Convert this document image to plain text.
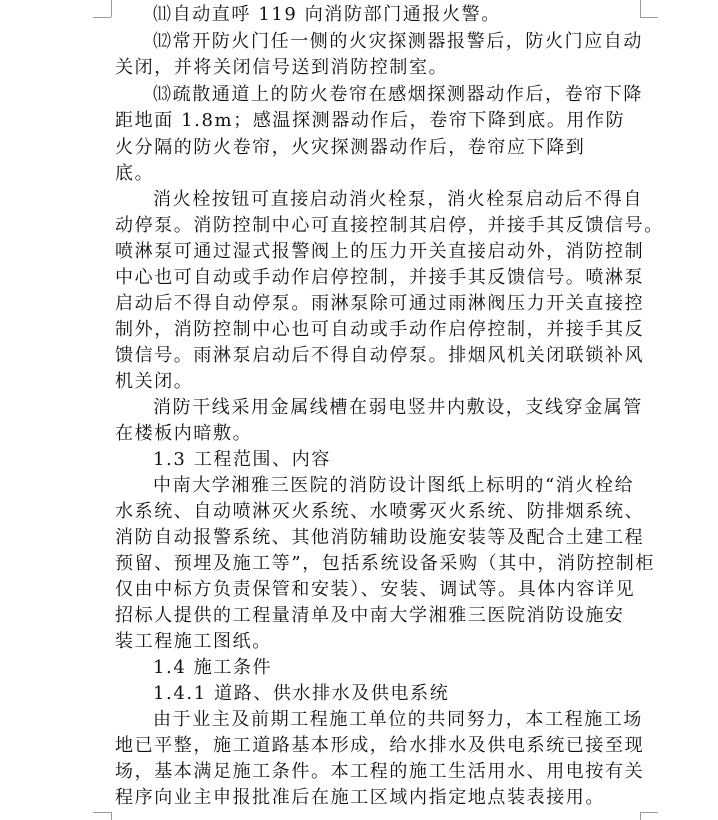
⑾自动直呼 119 向消防部门通报火警。
⑿常开防火门任一侧的火灾探测器报警后，防火门应自动
关闭，并将关闭信号送到消防控制室。
⒀疏散通道上的防火卷帘在感烟探测器动作后，卷帘下降
距地面 1.8m；感温探测器动作后，卷帘下降到底。用作防
火分隔的防火卷帘，火灾探测器动作后，卷帘应下降到
底。
消火栓按钮可直接启动消火栓泵，消火栓泵启动后不得自
动停泵。消防控制中心可直接控制其启停，并接手其反馈信号。
喷淋泵可通过湿式报警阀上的压力开关直接启动外，消防控制
中心也可自动或手动作启停控制，并接手其反馈信号。喷淋泵
启动后不得自动停泵。雨淋泵除可通过雨淋阀压力开关直接控
制外，消防控制中心也可自动或手动作启停控制，并接手其反
馈信号。雨淋泵启动后不得自动停泵。排烟风机关闭联锁补风
机关闭。
消防干线采用金属线槽在弱电竖井内敷设，支线穿金属管
在楼板内暗敷。
1.3 工程范围、内容
中南大学湘雅三医院的消防设计图纸上标明的“消火栓给
水系统、自动喷淋灭火系统、水喷雾灭火系统、防排烟系统、
消防自动报警系统、其他消防辅助设施安装等及配合土建工程
预留、预埋及施工等”，包括系统设备采购（其中，消防控制柜
仅由中标方负责保管和安装）、安装、调试等。具体内容详见
招标人提供的工程量清单及中南大学湘雅三医院消防设施安
装工程施工图纸。
1.4 施工条件
1.4.1 道路、供水排水及供电系统
由于业主及前期工程施工单位的共同努力，本工程施工场
地已平整，施工道路基本形成，给水排水及供电系统已接至现
场，基本满足施工条件。本工程的施工生活用水、用电按有关
程序向业主申报批准后在施工区域内指定地点装表接用。
